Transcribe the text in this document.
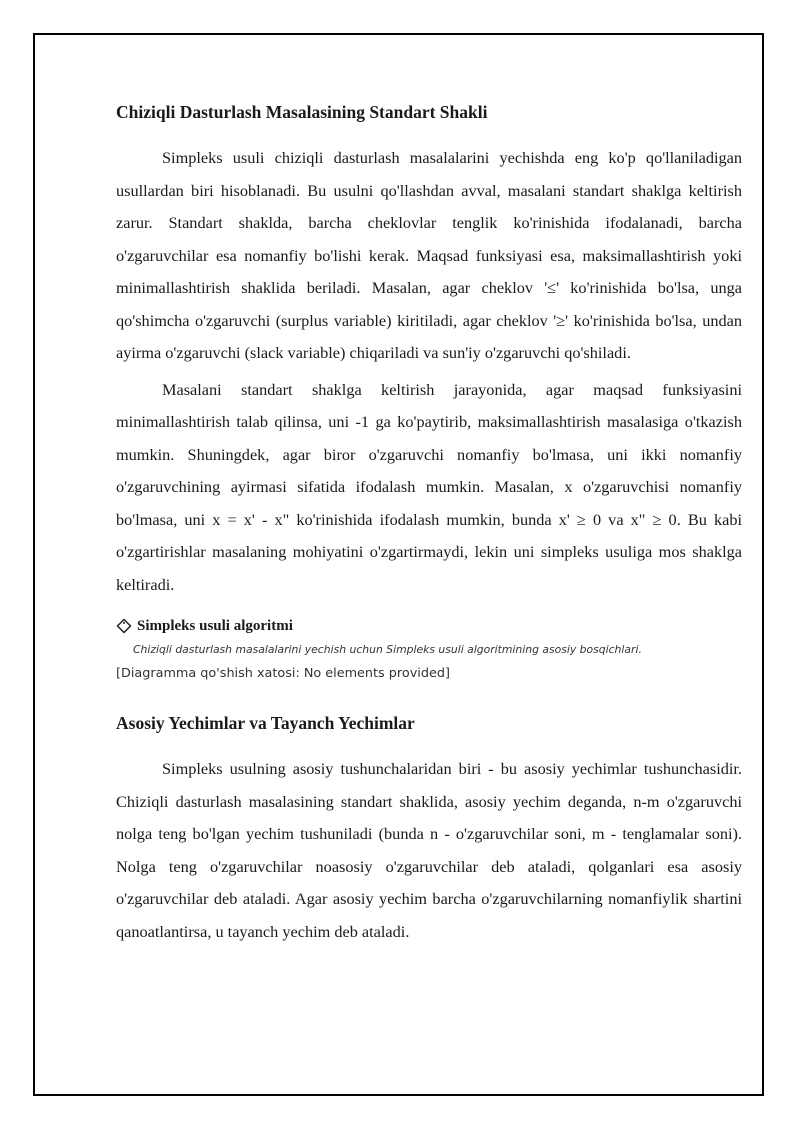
Chiziqli Dasturlash Masalasining Standart Shakli

Simpleks usuli chiziqli dasturlash masalalarini yechishda eng ko'p qo'llaniladigan usullardan biri hisoblanadi. Bu usulni qo'llashdan avval, masalani standart shaklga keltirish zarur. Standart shaklda, barcha cheklovlar tenglik ko'rinishida ifodalanadi, barcha o'zgaruvchilar esa nomanfiy bo'lishi kerak. Maqsad funksiyasi esa, maksimallashtirish yoki minimallashtirish shaklida beriladi. Masalan, agar cheklov '≤' ko'rinishida bo'lsa, unga qo'shimcha o'zgaruvchi (surplus variable) kiritiladi, agar cheklov '≥' ko'rinishida bo'lsa, undan ayirma o'zgaruvchi (slack variable) chiqariladi va sun'iy o'zgaruvchi qo'shiladi.

Masalani standart shaklga keltirish jarayonida, agar maqsad funksiyasini minimallashtirish talab qilinsa, uni -1 ga ko'paytirib, maksimallashtirish masalasiga o'tkazish mumkin. Shuningdek, agar biror o'zgaruvchi nomanfiy bo'lmasa, uni ikki nomanfiy o'zgaruvchining ayirmasi sifatida ifodalash mumkin. Masalan, x o'zgaruvchisi nomanfiy bo'lmasa, uni x = x' - x" ko'rinishida ifodalash mumkin, bunda x' ≥ 0 va x" ≥ 0. Bu kabi o'zgartirishlar masalaning mohiyatini o'zgartirmaydi, lekin uni simpleks usuliga mos shaklga keltiradi.

Simpleks usuli algoritmi
Chiziqli dasturlash masalalarini yechish uchun Simpleks usuli algoritmining asosiy bosqichlari.
[Diagramma qo'shish xatosi: No elements provided]
Asosiy Yechimlar va Tayanch Yechimlar

Simpleks usulning asosiy tushunchalaridan biri - bu asosiy yechimlar tushunchasidir. Chiziqli dasturlash masalasining standart shaklida, asosiy yechim deganda, n-m o'zgaruvchi nolga teng bo'lgan yechim tushuniladi (bunda n - o'zgaruvchilar soni, m - tenglamalar soni). Nolga teng o'zgaruvchilar noasosiy o'zgaruvchilar deb ataladi, qolganlari esa asosiy o'zgaruvchilar deb ataladi. Agar asosiy yechim barcha o'zgaruvchilarning nomanfiylik shartini qanoatlantirsa, u tayanch yechim deb ataladi.
